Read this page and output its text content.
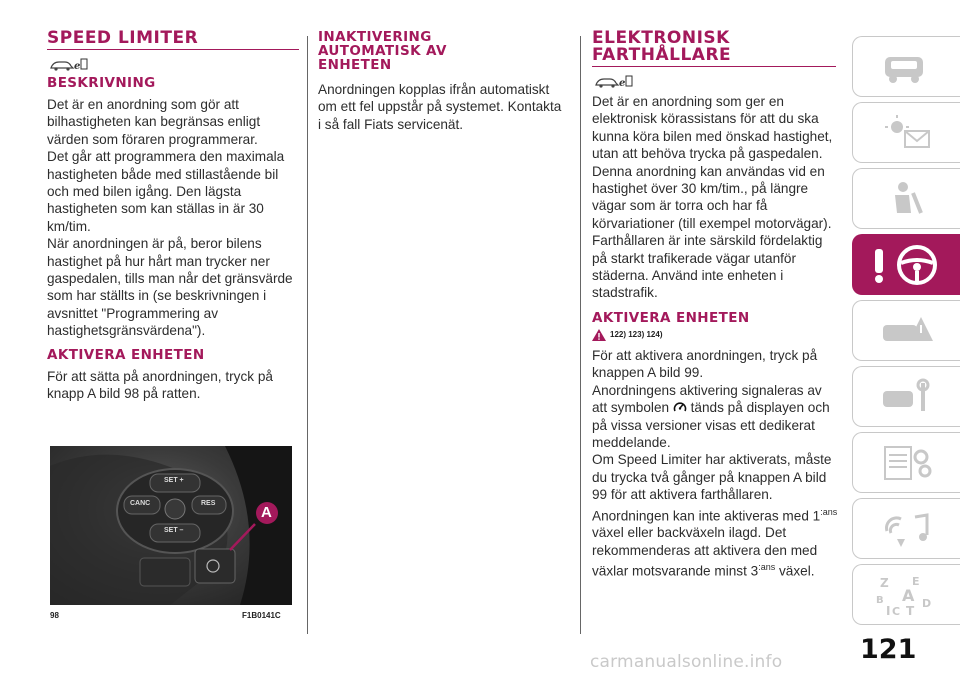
SPEED LIMITER
e
BESKRIVNING

Det är en anordning som gör att bilhastigheten kan begränsas enligt värden som föraren programmerar.

Det går att programmera den maximala hastigheten både med stillastående bil och med bilen igång. Den lägsta hastigheten som kan ställas in är 30 km/tim.

När anordningen är på, beror bilens hastighet på hur hårt man trycker ner gaspedalen, tills man når det gränsvärde som har ställts in (se beskrivningen i avsnittet "Programmering av hastighetsgränsvärdena").

AKTIVERA ENHETEN

För att sätta på anordningen, tryck på knapp A bild 98 på ratten.

SET +
CANC	RES
SET –
A
98	F1B0141C
INAKTIVERING AUTOMATISK AV ENHETEN

Anordningen kopplas ifrån automatiskt om ett fel uppstår på systemet. Kontakta i så fall Fiats servicenät.

ELEKTRONISK FARTHÅLLARE
e

Det är en anordning som ger en elektronisk körassistans för att du ska kunna köra bilen med önskad hastighet, utan att behöva trycka på gaspedalen. Denna anordning kan användas vid en hastighet över 30 km/tim., på längre vägar som är torra och har få körvariationer (till exempel motorvägar).

Farthållaren är inte särskild fördelaktig på starkt trafikerade vägar utanför städerna. Använd inte enheten i stadstrafik.

AKTIVERA ENHETEN
122) 123) 124)

För att aktivera anordningen, tryck på knappen A bild 99.

Anordningens aktivering signaleras av att symbolen tänds på displayen och på vissa versioner visas ett dedikerat meddelande.

Om Speed Limiter har aktiverats, måste du trycka två gånger på knappen A bild 99 för att aktivera farthållaren.

Anordningen kan inte aktiveras med $1^{:ans}$ växel eller backväxeln ilagd. Det rekommenderas att aktivera den med växlar motsvarande minst $3^{:ans}$ växel.

Z E
B A D
I C T
121
carmanualsonline.info
